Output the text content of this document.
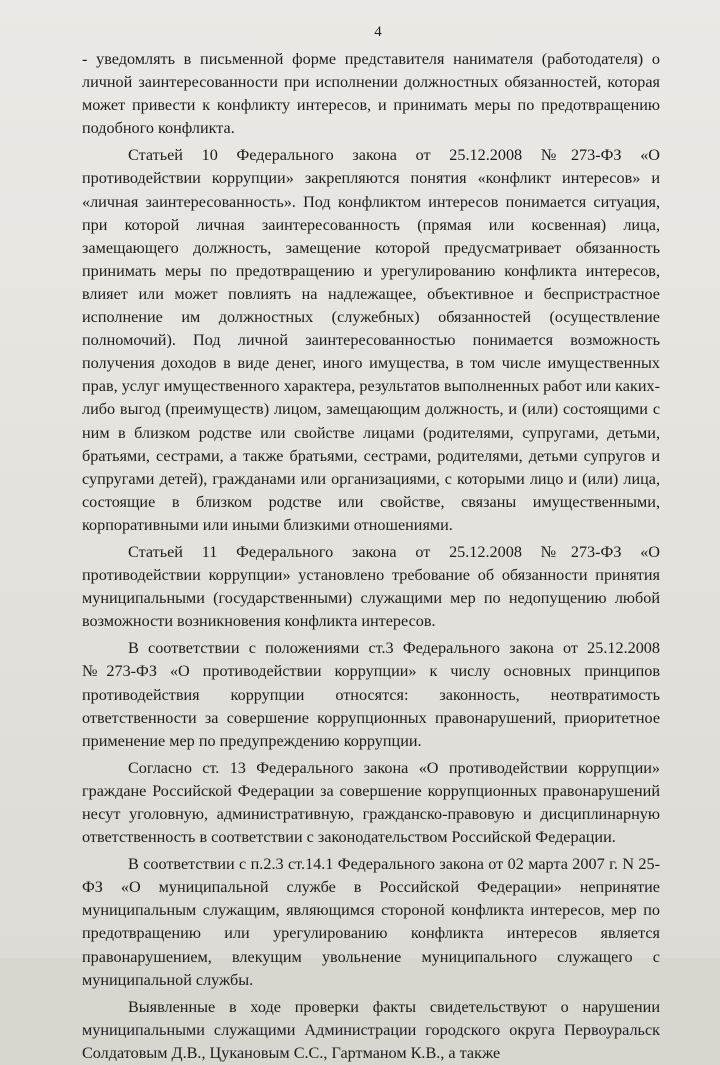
4

- уведомлять в письменной форме представителя нанимателя (работодателя) о личной заинтересованности при исполнении должностных обязанностей, которая может привести к конфликту интересов, и принимать меры по предотвращению подобного конфликта.

Статьей 10 Федерального закона от 25.12.2008 №273-ФЗ «О противодействии коррупции» закрепляются понятия «конфликт интересов» и «личная заинтересованность». Под конфликтом интересов понимается ситуация, при которой личная заинтересованность (прямая или косвенная) лица, замещающего должность, замещение которой предусматривает обязанность принимать меры по предотвращению и урегулированию конфликта интересов, влияет или может повлиять на надлежащее, объективное и беспристрастное исполнение им должностных (служебных) обязанностей (осуществление полномочий). Под личной заинтересованностью понимается возможность получения доходов в виде денег, иного имущества, в том числе имущественных прав, услуг имущественного характера, результатов выполненных работ или каких-либо выгод (преимуществ) лицом, замещающим должность, и (или) состоящими с ним в близком родстве или свойстве лицами (родителями, супругами, детьми, братьями, сестрами, а также братьями, сестрами, родителями, детьми супругов и супругами детей), гражданами или организациями, с которыми лицо и (или) лица, состоящие в близком родстве или свойстве, связаны имущественными, корпоративными или иными близкими отношениями.

Статьей 11 Федерального закона от 25.12.2008 №273-ФЗ «О противодействии коррупции» установлено требование об обязанности принятия муниципальными (государственными) служащими мер по недопущению любой возможности возникновения конфликта интересов.

В соответствии с положениями ст.3 Федерального закона от 25.12.2008 №273-ФЗ «О противодействии коррупции» к числу основных принципов противодействия коррупции относятся: законность, неотвратимость ответственности за совершение коррупционных правонарушений, приоритетное применение мер по предупреждению коррупции.

Согласно ст. 13 Федерального закона «О противодействии коррупции» граждане Российской Федерации за совершение коррупционных правонарушений несут уголовную, административную, гражданско-правовую и дисциплинарную ответственность в соответствии с законодательством Российской Федерации.

В соответствии с п.2.3 ст.14.1 Федерального закона от 02 марта 2007 г. N 25-ФЗ «О муниципальной службе в Российской Федерации» непринятие муниципальным служащим, являющимся стороной конфликта интересов, мер по предотвращению или урегулированию конфликта интересов является правонарушением, влекущим увольнение муниципального служащего с муниципальной службы.

Выявленные в ходе проверки факты свидетельствуют о нарушении муниципальными служащими Администрации городского округа Первоуральск Солдатовым Д.В., Цукановым С.С., Гартманом К.В., а также
